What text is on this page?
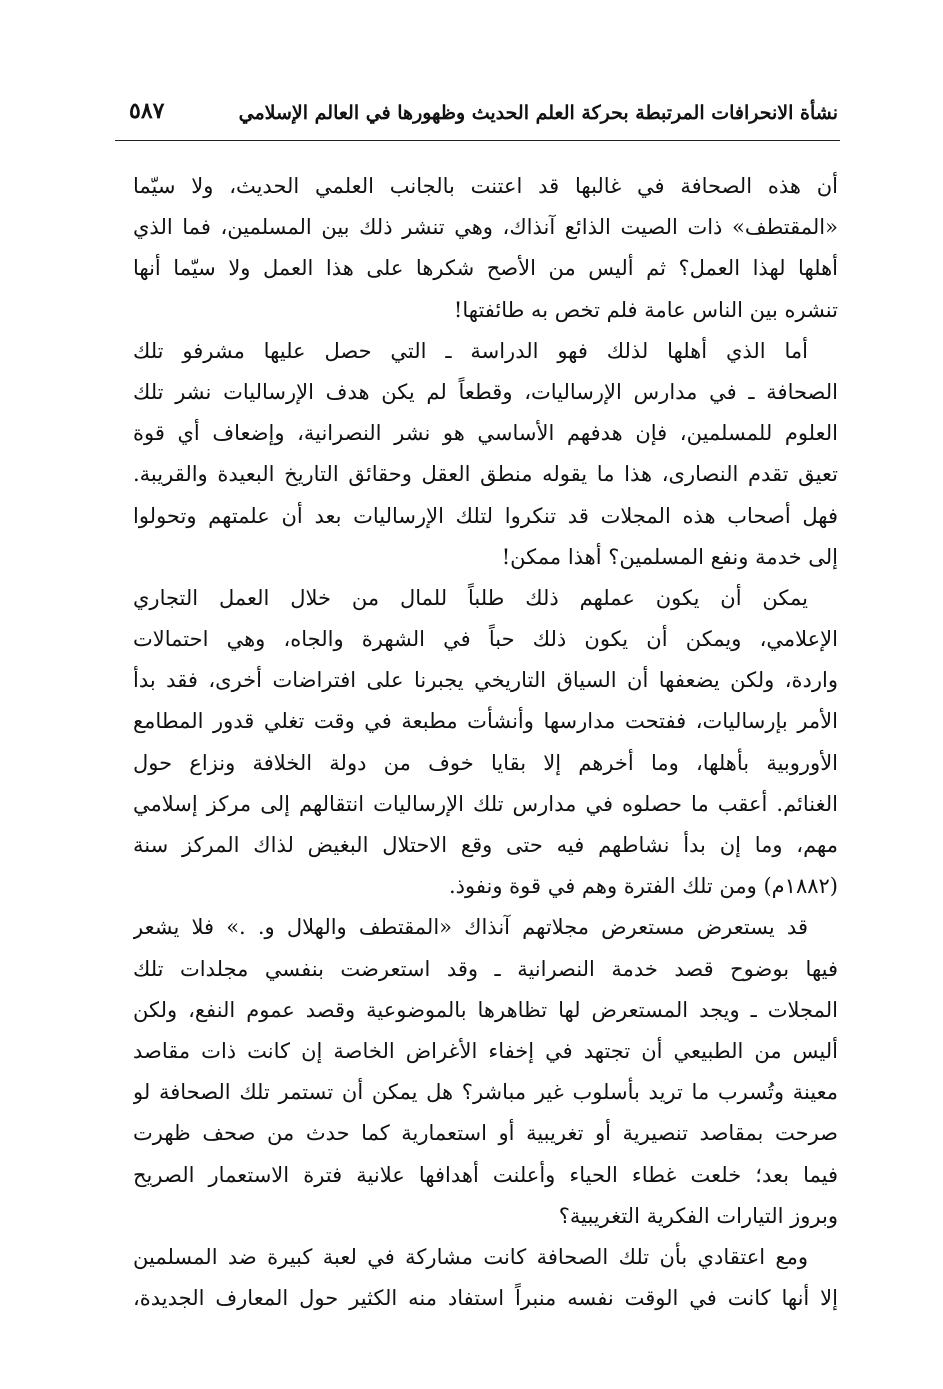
نشأة الانحرافات المرتبطة بحركة العلم الحديث وظهورها في العالم الإسلامي
٥٨٧
أن هذه الصحافة في غالبها قد اعتنت بالجانب العلمي الحديث، ولا سيّما
«المقتطف» ذات الصيت الذائع آنذاك، وهي تنشر ذلك بين المسلمين، فما الذي
أهلها لهذا العمل؟ ثم أليس من الأصح شكرها على هذا العمل ولا سيّما أنها
تنشره بين الناس عامة فلم تخص به طائفتها!
أما الذي أهلها لذلك فهو الدراسة ـ التي حصل عليها مشرفو تلك
الصحافة ـ في مدارس الإرساليات، وقطعاً لم يكن هدف الإرساليات نشر تلك
العلوم للمسلمين، فإن هدفهم الأساسي هو نشر النصرانية، وإضعاف أي قوة
تعيق تقدم النصارى، هذا ما يقوله منطق العقل وحقائق التاريخ البعيدة والقريبة.
فهل أصحاب هذه المجلات قد تنكروا لتلك الإرساليات بعد أن علمتهم وتحولوا
إلى خدمة ونفع المسلمين؟ أهذا ممكن!
يمكن أن يكون عملهم ذلك طلباً للمال من خلال العمل التجاري
الإعلامي، ويمكن أن يكون ذلك حباً في الشهرة والجاه، وهي احتمالات
واردة، ولكن يضعفها أن السياق التاريخي يجبرنا على افتراضات أخرى، فقد بدأ
الأمر بإرساليات، ففتحت مدارسها وأنشأت مطبعة في وقت تغلي قدور المطامع
الأوروبية بأهلها، وما أخرهم إلا بقايا خوف من دولة الخلافة ونزاع حول
الغنائم. أعقب ما حصلوه في مدارس تلك الإرساليات انتقالهم إلى مركز إسلامي
مهم، وما إن بدأ نشاطهم فيه حتى وقع الاحتلال البغيض لذاك المركز سنة
(١٨٨٢م) ومن تلك الفترة وهم في قوة ونفوذ.
قد يستعرض مستعرض مجلاتهم آنذاك «المقتطف والهلال و. .» فلا يشعر
فيها بوضوح قصد خدمة النصرانية ـ وقد استعرضت بنفسي مجلدات تلك
المجلات ـ ويجد المستعرض لها تظاهرها بالموضوعية وقصد عموم النفع، ولكن
أليس من الطبيعي أن تجتهد في إخفاء الأغراض الخاصة إن كانت ذات مقاصد
معينة وتُسرب ما تريد بأسلوب غير مباشر؟ هل يمكن أن تستمر تلك الصحافة لو
صرحت بمقاصد تنصيرية أو تغريبية أو استعمارية كما حدث من صحف ظهرت
فيما بعد؛ خلعت غطاء الحياء وأعلنت أهدافها علانية فترة الاستعمار الصريح
وبروز التيارات الفكرية التغريبية؟
ومع اعتقادي بأن تلك الصحافة كانت مشاركة في لعبة كبيرة ضد المسلمين
إلا أنها كانت في الوقت نفسه منبراً استفاد منه الكثير حول المعارف الجديدة،
